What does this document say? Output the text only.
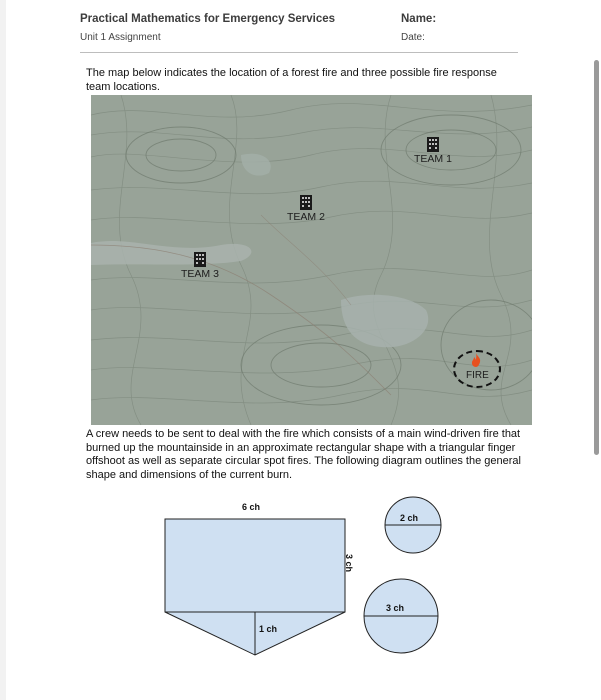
Practical Mathematics for Emergency Services
Unit 1 Assignment
Name:
Date:
The map below indicates the location of a forest fire and three possible fire response team locations.
TEAM 1
TEAM 2
TEAM 3
FIRE
A crew needs to be sent to deal with the fire which consists of a main wind-driven fire that burned up the mountainside in an approximate rectangular shape with a triangular finger offshoot as well as separate circular spot fires. The following diagram outlines the general shape and dimensions of the current burn.
6 ch
3 ch
1 ch
2 ch
3 ch
